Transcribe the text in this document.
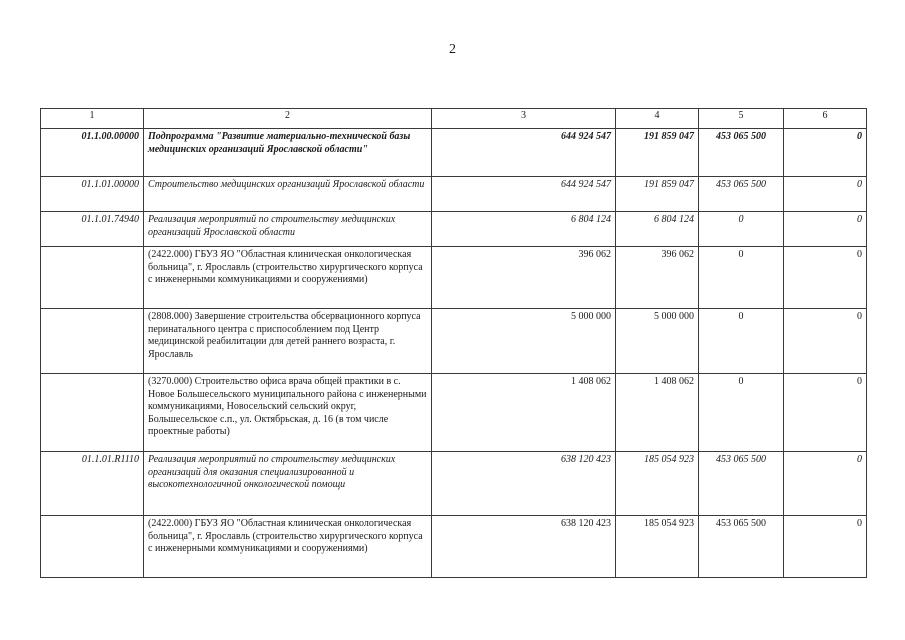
2
1	2	3	4	5	6
01.1.00.00000	Подпрограмма "Развитие материально-технической базы медицинских организаций Ярославской области"	644 924 547	191 859 047	453 065 500	0
01.1.01.00000	Строительство медицинских организаций Ярославской области	644 924 547	191 859 047	453 065 500	0
01.1.01.74940	Реализация мероприятий по строительству медицинских организаций Ярославской области	6 804 124	6 804 124	0	0
	(2422.000) ГБУЗ ЯО "Областная клиническая онкологическая больница", г. Ярославль (строительство хирургического корпуса с инженерными коммуникациями и сооружениями)	396 062	396 062	0	0
	(2808.000) Завершение строительства обсервационного корпуса перинатального центра с приспособлением под Центр медицинской реабилитации для детей раннего возраста, г. Ярославль	5 000 000	5 000 000	0	0
	(3270.000) Строительство офиса врача общей практики в с. Новое Большесельского муниципального района с инженерными коммуникациями, Новосельский сельский округ, Большесельское с.п., ул. Октябрьская, д. 16 (в том числе проектные работы)	1 408 062	1 408 062	0	0
01.1.01.R1110	Реализация мероприятий по строительству медицинских организаций для оказания специализированной и высокотехнологичной онкологической помощи	638 120 423	185 054 923	453 065 500	0
	(2422.000) ГБУЗ ЯО "Областная клиническая онкологическая больница", г. Ярославль (строительство хирургического корпуса с инженерными коммуникациями и сооружениями)	638 120 423	185 054 923	453 065 500	0
